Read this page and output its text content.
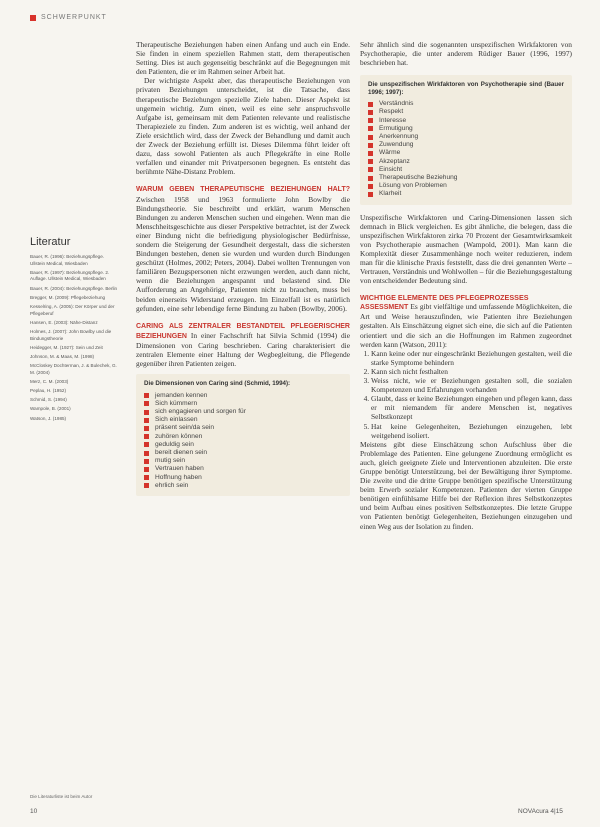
SCHWERPUNKT
Literatur

Bauer, R. (1996): Beziehungspflege. Ullstein Medical, Wiesbaden

Bauer, R. (1997): Beziehungspflege. 2. Auflage. Ullstein Medical, Wiesbaden

Bauer, R. (2004): Beziehungspflege. Berlin

Bregger, M. (2009): Pflegebeziehung

Kesselring, A. (2005): Der Körper und der Pflegeberuf

Hansen, E. (2003): Nähe-Distanz

Holmes, J. (2007): John Bowlby und die Bindungstheorie

Heidegger, M. (1927): Sein und Zeit

Johnson, M. & Maas, M. (1998)

McCloskey Dochterman, J. & Bulechek, G. M. (2004)

Merz, C. M. (2003)

Peplau, H. (1952)

Schmid, S. (1994)

Wampole, B. (2001)

Watson, J. (1985)

Die Literaturliste ist beim Autor

Therapeutische Beziehungen haben einen Anfang und auch ein Ende. Sie finden in einem speziellen Rahmen statt, dem therapeutischen Setting. Dies ist auch gegenseitig beschränkt auf die Begegnungen mit den Patienten, die er im Rahmen seiner Arbeit hat.

Der wichtigste Aspekt aber, das therapeutische Beziehungen von privaten Beziehungen unterscheidet, ist die Tatsache, dass therapeutische Beziehungen spezielle Ziele haben. Dieser Aspekt ist ungemein wichtig. Zum einen, weil es eine sehr anspruchsvolle Aufgabe ist, gemeinsam mit dem Patienten relevante und realistische Therapieziele zu finden. Zum anderen ist es wichtig, weil anhand der Ziele ersichtlich wird, dass der Zweck der Behandlung und damit auch der Zweck der Beziehung erfüllt ist. Dieses Dilemma führt leider oft dazu, dass sowohl Patienten als auch Pflegekräfte in eine Rolle verfallen und einander mit Privatpersonen begegnen. Es entsteht das berühmte Nähe-Distanz Problem.

WARUM GEBEN THERAPEUTISCHE BEZIEHUNGEN HALT? Zwischen 1958 und 1963 formulierte John Bowlby die Bindungstheorie. Sie beschreibt und erklärt, warum Menschen Bindungen zu anderen Menschen suchen und eingehen. Wenn man die Menschheitsgeschichte aus dieser Perspektive betrachtet, ist der Zweck einer Bindung nicht die befriedigung physiologischer Bedürfnisse, sondern die Steigerung der Gesundheit dergestalt, dass die sichersten Bindungen bestehen, denen sie wurden und wurden durch Bindungen geschützt (Holmes, 2002; Peters, 2004). Dabei wollten Trennungen von familiären Bezugspersonen nicht erzwungen werden, auch dann nicht, wenn die Beziehungen angespannt und belastend sind. Die Aufforderung an Angehörige, Patienten nicht zu brauchen, muss bei beiden einerseits Widerstand erzeugen. Im Einzelfall ist es natürlich gefunden, eine sehr lebendige ferne Bindung zu haben (Bowlby, 2006).

CARING ALS ZENTRALER BESTANDTEIL PFLEGERISCHER BEZIEHUNGEN In einer Fachschrift hat Silvia Schmid (1994) die Dimensionen von Caring beschrieben. Caring charakterisiert die zentralen Elemente einer Haltung der Wegbegleitung, die Pflegende gegenüber ihren Patienten zeigen.

Die Dimensionen von Caring sind (Schmid, 1994):
jemanden kennen
Sich kümmern
sich engagieren und sorgen für
Sich einlassen
präsent sein/da sein
zuhören können
geduldig sein
bereit dienen sein
mutig sein
Vertrauen haben
Hoffnung haben
ehrlich sein

Sehr ähnlich sind die sogenannten unspezifischen Wirkfaktoren von Psychotherapie, die unter anderem Rüdiger Bauer (1996, 1997) beschrieben hat.

Die unspezifischen Wirkfaktoren von Psychotherapie sind (Bauer 1996; 1997):
Verständnis
Respekt
Interesse
Ermutigung
Anerkennung
Zuwendung
Wärme
Akzeptanz
Einsicht
Therapeutische Beziehung
Lösung von Problemen
Klarheit

Unspezifische Wirkfaktoren und Caring-Dimensionen lassen sich demnach in Blick vergleichen. Es gibt ähnliche, die belegen, dass die unspezifischen Wirkfaktoren zirka 70 Prozent der Gesamtwirksamkeit von Psychotherapie ausmachen (Wampold, 2001). Man kann die Komplexität dieser Zusammenhänge noch weiter reduzieren, indem man für die klinische Praxis feststellt, dass die drei genannten Werte – Vertrauen, Verständnis und Wohlwollen – für die Beziehungsgestaltung von entscheidender Bedeutung sind.

WICHTIGE ELEMENTE DES PFLEGEPROZESSES

ASSESSMENT Es gibt vielfältige und umfassende Möglichkeiten, die Art und Weise herauszufinden, wie Patienten ihre Beziehungen gestalten. Als Einschätzung eignet sich eine, die sich auf die Patienten orientiert und die sich an die Hoffnungen im Rahmen zugeordnet werden kann (Watson, 2011):

1. Kann keine oder nur eingeschränkt Beziehungen gestalten, weil die starke Symptome behindern
2. Kann sich nicht festhalten
3. Weiss nicht, wie er Beziehungen gestalten soll, die sozialen Kompetenzen und Erfahrungen vorhanden
4. Glaubt, dass er keine Beziehungen eingehen und pflegen kann, dass er mit niemandem für andere Menschen ist, negatives Selbstkonzept
5. Hat keine Gelegenheiten, Beziehungen einzugehen, lebt weitgehend isoliert.

Meistens gibt diese Einschätzung schon Aufschluss über die Problemlage des Patienten. Eine gelungene Zuordnung ermöglicht es auch, gleich geeignete Ziele und Interventionen abzuleiten. Die erste Gruppe benötigt Unterstützung, bei der Bewältigung ihrer Symptome. Die zweite und die dritte Gruppe benötigen spezifische Unterstützung beim Erwerb sozialer Kompetenzen. Patienten der vierten Gruppe benötigen einfühlsame Hilfe bei der Reflexion ihres Selbstkonzeptes und beim Aufbau eines positiven Selbstkonzeptes. Die letzte Gruppe von Patienten benötigt Gelegenheiten, Beziehungen einzugehen und einen Weg aus der Isolation zu finden.

10	NOVAcura 4|15
